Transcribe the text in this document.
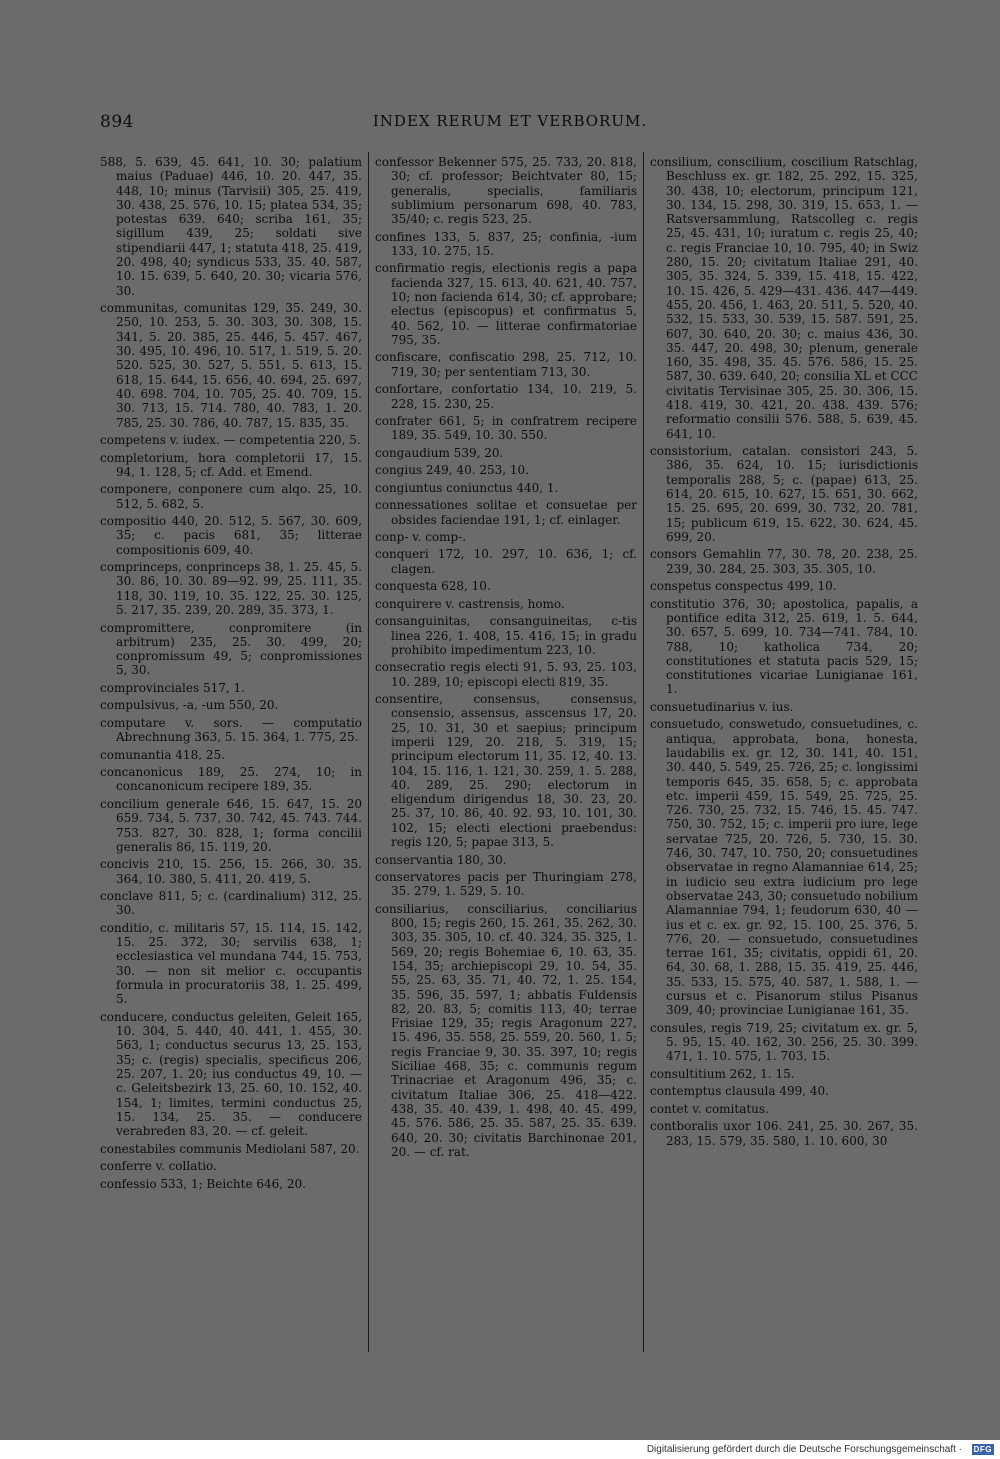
894	INDEX RERUM ET VERBORUM.

588, 5. 639, 45. 641, 10. 30; palatium maius (Paduae) 446, 10. 20. 447, 35. 448, 10; minus (Tarvisii) 305, 25. 419, 30. 438, 25. 576, 10. 15; platea 534, 35; potestas 639. 640; scriba 161, 35; sigillum 439, 25; soldati sive stipendiarii 447, 1; statuta 418, 25. 419, 20. 498, 40; syndicus 533, 35. 40. 587, 10. 15. 639, 5. 640, 20. 30; vicaria 576, 30.

communitas, comunitas 129, 35. 249, 30. 250, 10. 253, 5. 30. 303, 30. 308, 15. 341, 5. 20. 385, 25. 446, 5. 457. 467, 30. 495, 10. 496, 10. 517, 1. 519, 5. 20. 520. 525, 30. 527, 5. 551, 5. 613, 15. 618, 15. 644, 15. 656, 40. 694, 25. 697, 40. 698. 704, 10. 705, 25. 40. 709, 15. 30. 713, 15. 714. 780, 40. 783, 1. 20. 785, 25. 30. 786, 40. 787, 15. 835, 35.

competens v. iudex. — competentia 220, 5.

completorium, hora completorii 17, 15. 94, 1. 128, 5; cf. Add. et Emend.

componere, conponere cum alqo. 25, 10. 512, 5. 682, 5.

compositio 440, 20. 512, 5. 567, 30. 609, 35; c. pacis 681, 35; litterae compositionis 609, 40.

comprinceps, conprinceps 38, 1. 25. 45, 5. 30. 86, 10. 30. 89—92. 99, 25. 111, 35. 118, 30. 119, 10. 35. 122, 25. 30. 125, 5. 217, 35. 239, 20. 289, 35. 373, 1.

compromittere, conpromitere (in arbitrum) 235, 25. 30. 499, 20; conpromissum 49, 5; conpromissiones 5, 30.

comprovinciales 517, 1.

compulsivus, -a, -um 550, 20.

computare v. sors. — computatio Abrechnung 363, 5. 15. 364, 1. 775, 25.

comunantia 418, 25.

concanonicus 189, 25. 274, 10; in concanonicum recipere 189, 35.

concilium generale 646, 15. 647, 15. 20 659. 734, 5. 737, 30. 742, 45. 743. 744. 753. 827, 30. 828, 1; forma concilii generalis 86, 15. 119, 20.

concivis 210, 15. 256, 15. 266, 30. 35. 364, 10. 380, 5. 411, 20. 419, 5.

conclave 811, 5; c. (cardinalium) 312, 25. 30.

conditio, c. militaris 57, 15. 114, 15. 142, 15. 25. 372, 30; servilis 638, 1; ecclesiastica vel mundana 744, 15. 753, 30. — non sit melior c. occupantis formula in procuratoriis 38, 1. 25. 499, 5.

conducere, conductus geleiten, Geleit 165, 10. 304, 5. 440, 40. 441, 1. 455, 30. 563, 1; conductus securus 13, 25. 153, 35; c. (regis) specialis, specificus 206, 25. 207, 1. 20; ius conductus 49, 10. — c. Geleitsbezirk 13, 25. 60, 10. 152, 40. 154, 1; limites, termini conductus 25, 15. 134, 25. 35. — conducere verabreden 83, 20. — cf. geleit.

conestabiles communis Mediolani 587, 20.

conferre v. collatio.

confessio 533, 1; Beichte 646, 20.

confessor Bekenner 575, 25. 733, 20. 818, 30; cf. professor; Beichtvater 80, 15; generalis, specialis, familiaris sublimium personarum 698, 40. 783, 35/40; c. regis 523, 25.

confines 133, 5. 837, 25; confinia, -ium 133, 10. 275, 15.

confirmatio regis, electionis regis a papa facienda 327, 15. 613, 40. 621, 40. 757, 10; non facienda 614, 30; cf. approbare; electus (episcopus) et confirmatus 5, 40. 562, 10. — litterae confirmatoriae 795, 35.

confiscare, confiscatio 298, 25. 712, 10. 719, 30; per sententiam 713, 30.

confortare, confortatio 134, 10. 219, 5. 228, 15. 230, 25.

confrater 661, 5; in confratrem recipere 189, 35. 549, 10. 30. 550.

congaudium 539, 20.

congius 249, 40. 253, 10.

congiuntus coniunctus 440, 1.

connessationes solitae et consuetae per obsides faciendae 191, 1; cf. einlager.

conp- v. comp-.

conqueri 172, 10. 297, 10. 636, 1; cf. clagen.

conquesta 628, 10.

conquirere v. castrensis, homo.

consanguinitas, consanguineitas, c-tis linea 226, 1. 408, 15. 416, 15; in gradu prohibito impedimentum 223, 10.

consecratio regis electi 91, 5. 93, 25. 103, 10. 289, 10; episcopi electi 819, 35.

consentire, consensus, consensus, consensio, assensus, asscensus 17, 20. 25, 10. 31, 30 et saepius; principum imperii 129, 20. 218, 5. 319, 15; principum electorum 11, 35. 12, 40. 13. 104, 15. 116, 1. 121, 30. 259, 1. 5. 288, 40. 289, 25. 290; electorum in eligendum dirigendus 18, 30. 23, 20. 25. 37, 10. 86, 40. 92. 93, 10. 101, 30. 102, 15; electi electioni praebendus: regis 120, 5; papae 313, 5.

conservantia 180, 30.

conservatores pacis per Thuringiam 278, 35. 279, 1. 529, 5. 10.

consiliarius, consciliarius, conciliarius 800, 15; regis 260, 15. 261, 35. 262, 30. 303, 35. 305, 10. cf. 40. 324, 35. 325, 1. 569, 20; regis Bohemiae 6, 10. 63, 35. 154, 35; archiepiscopi 29, 10. 54, 35. 55, 25. 63, 35. 71, 40. 72, 1. 25. 154, 35. 596, 35. 597, 1; abbatis Fuldensis 82, 20. 83, 5; comitis 113, 40; terrae Frisiae 129, 35; regis Aragonum 227, 15. 496, 35. 558, 25. 559, 20. 560, 1. 5; regis Franciae 9, 30. 35. 397, 10; regis Siciliae 468, 35; c. communis regum Trinacriae et Aragonum 496, 35; c. civitatum Italiae 306, 25. 418—422. 438, 35. 40. 439, 1. 498, 40. 45. 499, 45. 576. 586, 25. 35. 587, 25. 35. 639. 640, 20. 30; civitatis Barchinonae 201, 20. — cf. rat.

consilium, conscilium, coscilium Ratschlag, Beschluss ex. gr. 182, 25. 292, 15. 325, 30. 438, 10; electorum, principum 121, 30. 134, 15. 298, 30. 319, 15. 653, 1. — Ratsversammlung, Ratscolleg c. regis 25, 45. 431, 10; iuratum c. regis 25, 40; c. regis Franciae 10, 10. 795, 40; in Swiz 280, 15. 20; civitatum Italiae 291, 40. 305, 35. 324, 5. 339, 15. 418, 15. 422, 10. 15. 426, 5. 429—431. 436. 447—449. 455, 20. 456, 1. 463, 20. 511, 5. 520, 40. 532, 15. 533, 30. 539, 15. 587. 591, 25. 607, 30. 640, 20. 30; c. maius 436, 30. 35. 447, 20. 498, 30; plenum, generale 160, 35. 498, 35. 45. 576. 586, 15. 25. 587, 30. 639. 640, 20; consilia XL et CCC civitatis Tervisinae 305, 25. 30. 306, 15. 418. 419, 30. 421, 20. 438. 439. 576; reformatio consilii 576. 588, 5. 639, 45. 641, 10.

consistorium, catalan. consistori 243, 5. 386, 35. 624, 10. 15; iurisdictionis temporalis 288, 5; c. (papae) 613, 25. 614, 20. 615, 10. 627, 15. 651, 30. 662, 15. 25. 695, 20. 699, 30. 732, 20. 781, 15; publicum 619, 15. 622, 30. 624, 45. 699, 20.

consors Gemahlin 77, 30. 78, 20. 238, 25. 239, 30. 284, 25. 303, 35. 305, 10.

conspetus conspectus 499, 10.

constitutio 376, 30; apostolica, papalis, a pontifice edita 312, 25. 619, 1. 5. 644, 30. 657, 5. 699, 10. 734—741. 784, 10. 788, 10; katholica 734, 20; constitutiones et statuta pacis 529, 15; constitutiones vicariae Lunigianae 161, 1.

consuetudinarius v. ius.

consuetudo, conswetudo, consuetudines, c. antiqua, approbata, bona, honesta, laudabilis ex. gr. 12, 30. 141, 40. 151, 30. 440, 5. 549, 25. 726, 25; c. longissimi temporis 645, 35. 658, 5; c. approbata etc. imperii 459, 15. 549, 25. 725, 25. 726. 730, 25. 732, 15. 746, 15. 45. 747. 750, 30. 752, 15; c. imperii pro iure, lege servatae 725, 20. 726, 5. 730, 15. 30. 746, 30. 747, 10. 750, 20; consuetudines observatae in regno Alamanniae 614, 25; in iudicio seu extra iudicium pro lege observatae 243, 30; consuetudo nobilium Alamanniae 794, 1; feudorum 630, 40 — ius et c. ex. gr. 92, 15. 100, 25. 376, 5. 776, 20. — consuetudo, consuetudines terrae 161, 35; civitatis, oppidi 61, 20. 64, 30. 68, 1. 288, 15. 35. 419, 25. 446, 35. 533, 15. 575, 40. 587, 1. 588, 1. — cursus et c. Pisanorum stilus Pisanus 309, 40; provinciae Lunigianae 161, 35.

consules, regis 719, 25; civitatum ex. gr. 5, 5. 95, 15. 40. 162, 30. 256, 25. 30. 399. 471, 1. 10. 575, 1. 703, 15.

consultitium 262, 1. 15.

contemptus clausula 499, 40.

contet v. comitatus.

contboralis uxor 106. 241, 25. 30. 267, 35. 283, 15. 579, 35. 580, 1. 10. 600, 30

Digitalisierung gefördert durch die Deutsche Forschungsgemeinschaft · DFG
